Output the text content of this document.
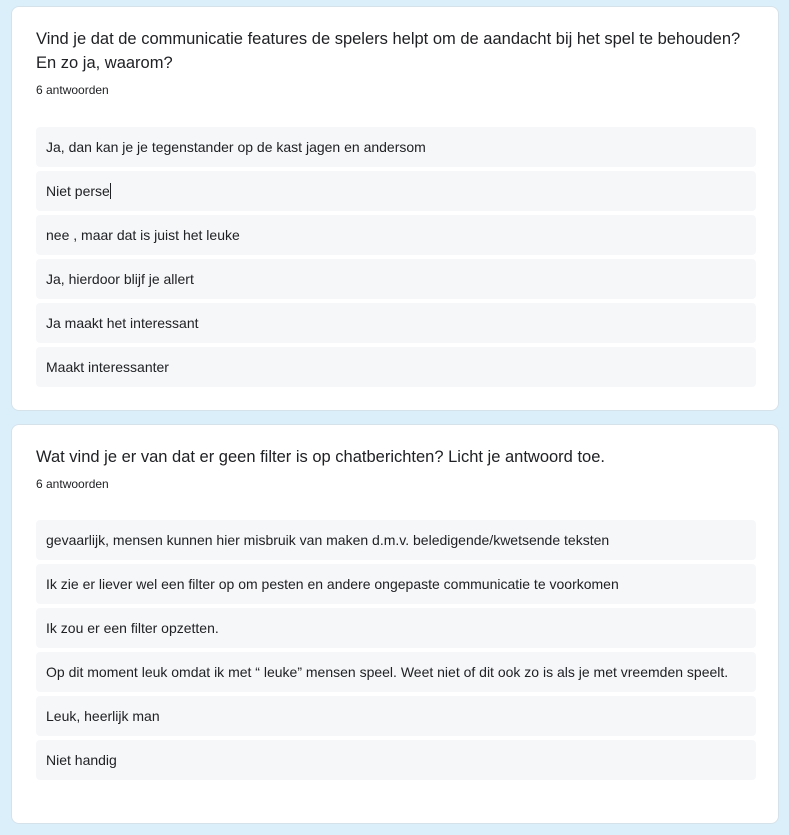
Vind je dat de communicatie features de spelers helpt om de aandacht bij het spel te behouden? En zo ja, waarom?
6 antwoorden
Ja, dan kan je je tegenstander op de kast jagen en andersom
Niet perse
nee , maar dat is juist het leuke
Ja, hierdoor blijf je allert
Ja maakt het interessant
Maakt interessanter
Wat vind je er van dat er geen filter is op chatberichten? Licht je antwoord toe.
6 antwoorden
gevaarlijk, mensen kunnen hier misbruik van maken d.m.v. beledigende/kwetsende teksten
Ik zie er liever wel een filter op om pesten en andere ongepaste communicatie te voorkomen
Ik zou er een filter opzetten.
Op dit moment leuk omdat ik met “ leuke” mensen speel. Weet niet of dit ook zo is als je met vreemden speelt.
Leuk, heerlijk man
Niet handig
